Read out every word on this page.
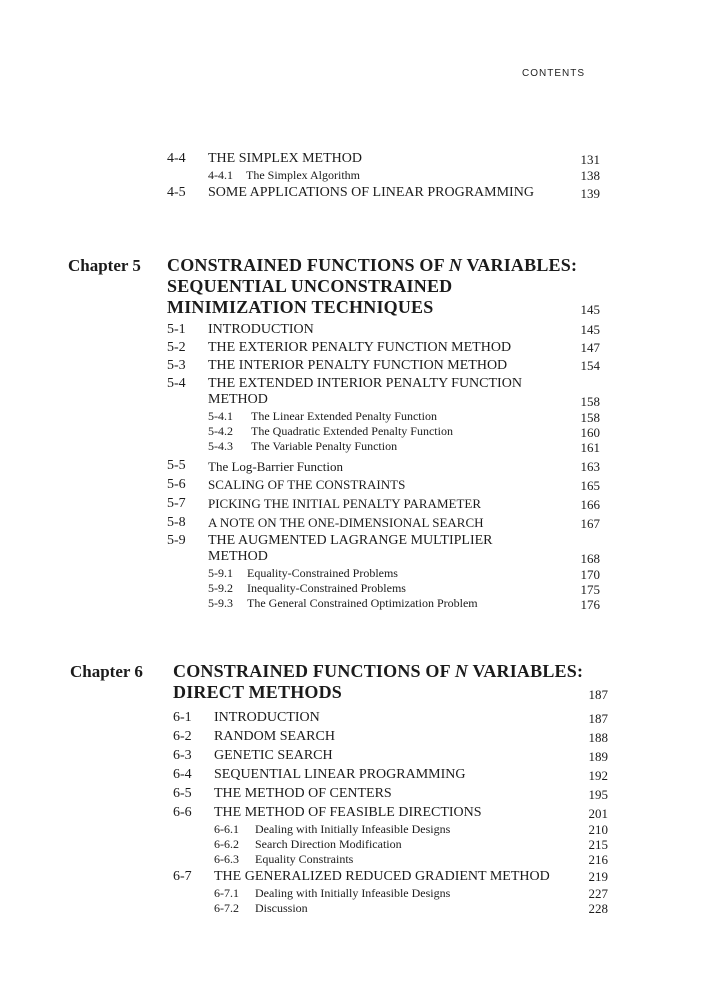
CONTENTS
4-4 THE SIMPLEX METHOD	131
4-4.1 The Simplex Algorithm	138
4-5 SOME APPLICATIONS OF LINEAR PROGRAMMING	139
Chapter 5 CONSTRAINED FUNCTIONS OF N VARIABLES:
SEQUENTIAL UNCONSTRAINED
MINIMIZATION TECHNIQUES	145
5-1 INTRODUCTION	145
5-2 THE EXTERIOR PENALTY FUNCTION METHOD	147
5-3 THE INTERIOR PENALTY FUNCTION METHOD	154
5-4 THE EXTENDED INTERIOR PENALTY FUNCTION
METHOD	158
5-4.1 The Linear Extended Penalty Function	158
5-4.2 The Quadratic Extended Penalty Function	160
5-4.3 The Variable Penalty Function	161
5-5 The Log-Barrier Function	163
5-6 SCALING OF THE CONSTRAINTS	165
5-7 PICKING THE INITIAL PENALTY PARAMETER	166
5-8 A NOTE ON THE ONE-DIMENSIONAL SEARCH	167
5-9 THE AUGMENTED LAGRANGE MULTIPLIER
METHOD	168
5-9.1 Equality-Constrained Problems	170
5-9.2 Inequality-Constrained Problems	175
5-9.3 The General Constrained Optimization Problem	176
Chapter 6 CONSTRAINED FUNCTIONS OF N VARIABLES:
DIRECT METHODS	187
6-1 INTRODUCTION	187
6-2 RANDOM SEARCH	188
6-3 GENETIC SEARCH	189
6-4 SEQUENTIAL LINEAR PROGRAMMING	192
6-5 THE METHOD OF CENTERS	195
6-6 THE METHOD OF FEASIBLE DIRECTIONS	201
6-6.1 Dealing with Initially Infeasible Designs	210
6-6.2 Search Direction Modification	215
6-6.3 Equality Constraints	216
6-7 THE GENERALIZED REDUCED GRADIENT METHOD	219
6-7.1 Dealing with Initially Infeasible Designs	227
6-7.2 Discussion	228
